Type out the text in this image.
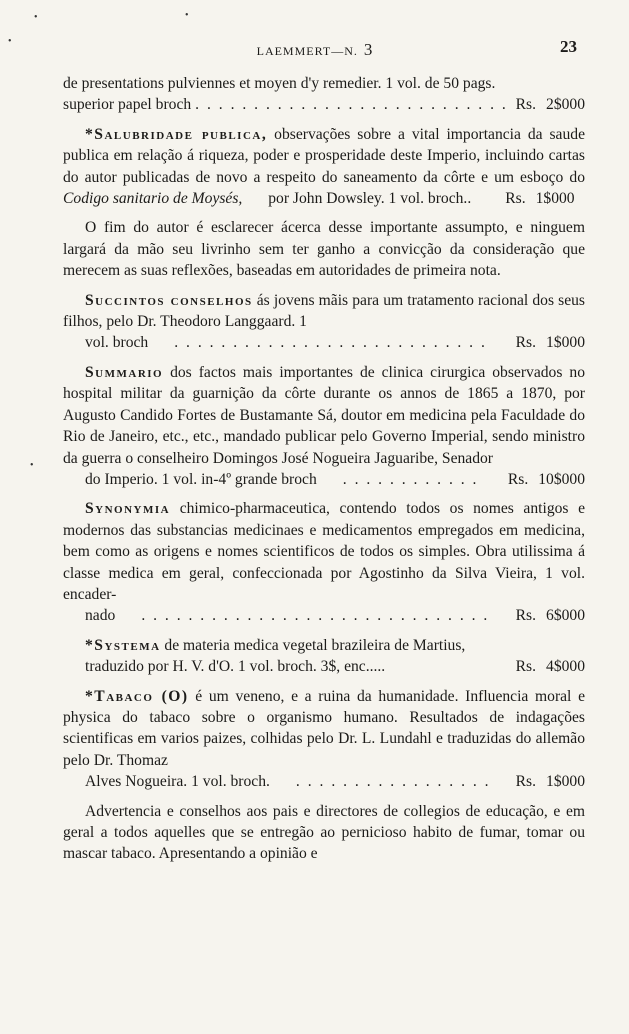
LAEMMERT—N. 3	23

de presentations pulviennes et moyen d'y remedier. 1 vol. de 50 pags.
superior papel broch . . .	Rs. 2$000

*Salubridade publica, observações sobre a vital importancia da saude publica em relação á riqueza, poder e prosperidade deste Imperio, incluindo cartas do autor publicadas de novo a respeito do saneamento da côrte e um esboço do Codigo sanitario de Moysés,	por John Dowsley. 1 vol. broch..	Rs. 1$000

O fim do autor é esclarecer ácerca desse importante assumpto, e ninguem largará da mão seu livrinho sem ter ganho a convicção da consideração que merecem as suas reflexões, baseadas em autoridades de primeira nota.

Succintos conselhos ás jovens mãis para um tratamento racional dos seus filhos, pelo Dr. Theodoro Langgaard. 1
vol. broch . . .	Rs. 1$000

Summario dos factos mais importantes de clinica cirurgica observados no hospital militar da guarnição da côrte durante os annos de 1865 a 1870, por Augusto Candido Fortes de Bustamante Sá, doutor em medicina pela Faculdade do Rio de Janeiro, etc., etc., mandado publicar pelo Governo Imperial, sendo ministro da guerra o conselheiro Domingos José Nogueira Jaguaribe, Senador
do Imperio. 1 vol. in-4º grande broch . . .	Rs. 10$000

Synonymia chimico-pharmaceutica, contendo todos os nomes antigos e modernos das substancias medicinaes e medicamentos empregados em medicina, bem como as origens e nomes scientificos de todos os simples. Obra utilissima á classe medica em geral, confeccionada por Agostinho da Silva Vieira, 1 vol. encader-
nado . . .	Rs. 6$000

*Systema de materia medica vegetal brazileira de Martius,
traduzido por H. V. d'O. 1 vol. broch. 3$, enc.....	Rs. 4$000

*Tabaco (O) é um veneno, e a ruina da humanidade. Influencia moral e physica do tabaco sobre o organismo humano. Resultados de indagações scientificas em varios paizes, colhidas pelo Dr. L. Lundahl e traduzidas do allemão pelo Dr. Thomaz
Alves Nogueira. 1 vol. broch. . . .	Rs. 1$000

Advertencia e conselhos aos pais e directores de collegios de educação, e em geral a todos aquelles que se entregão ao pernicioso habito de fumar, tomar ou mascar tabaco. Apresentando a opinião e

•	•
•
•
